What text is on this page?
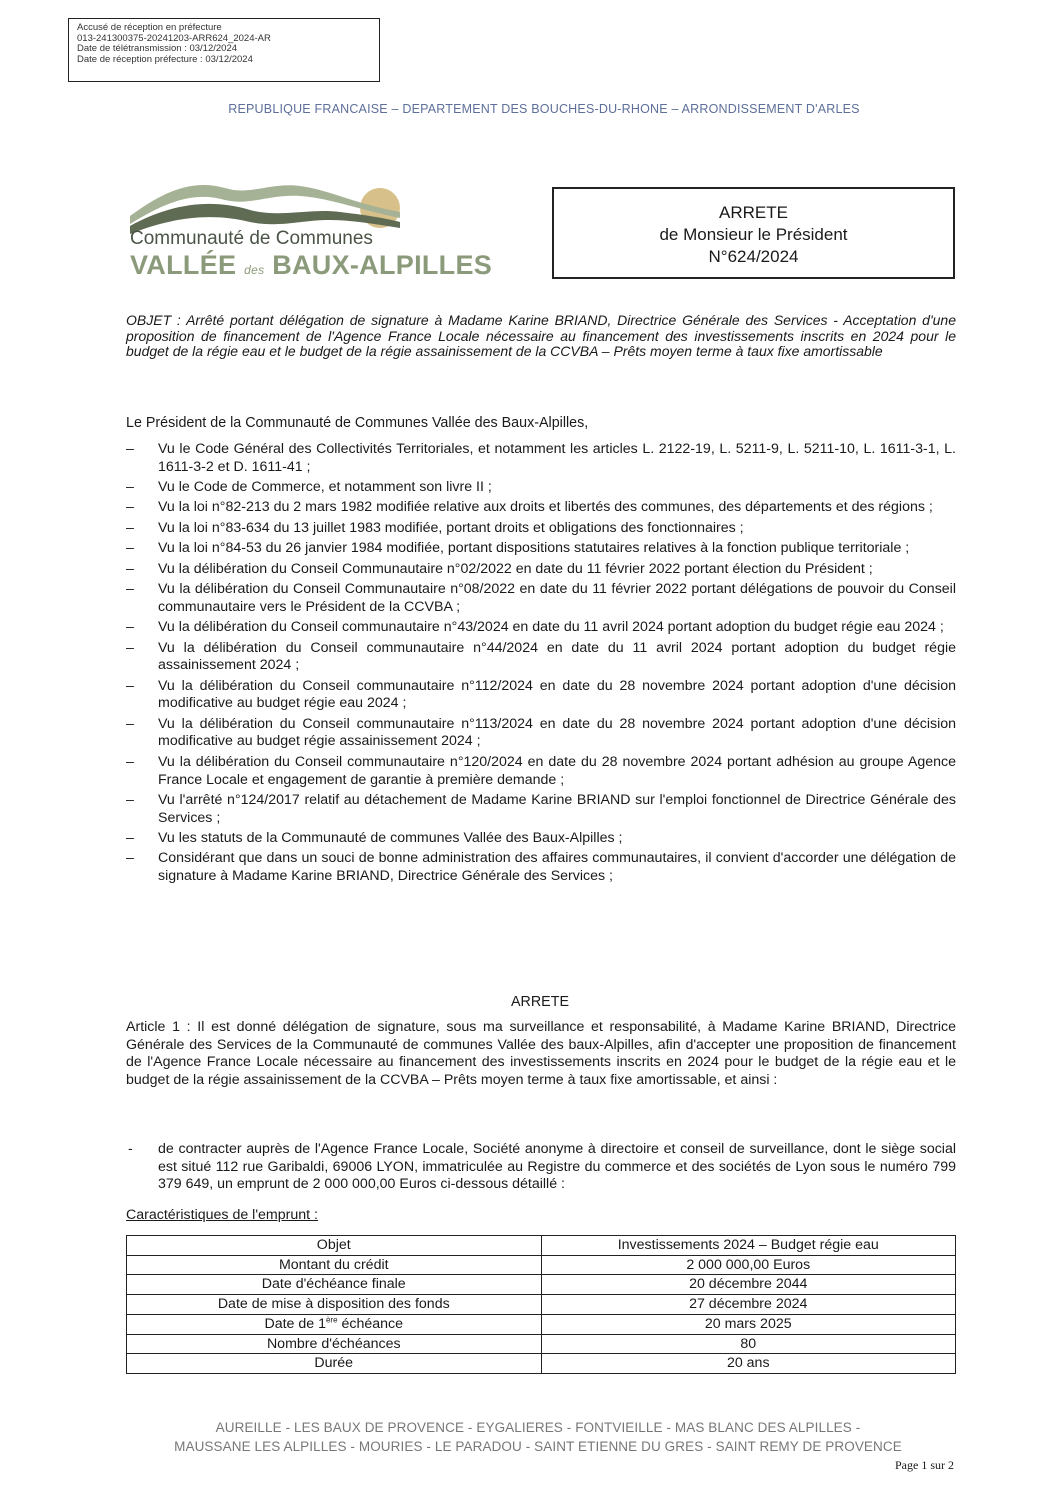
Accusé de réception en préfecture
013-241300375-20241203-ARR624_2024-AR
Date de télétransmission : 03/12/2024
Date de réception préfecture : 03/12/2024
REPUBLIQUE FRANCAISE – DEPARTEMENT DES BOUCHES-DU-RHONE – ARRONDISSEMENT D'ARLES
Communauté de Communes
VALLÉE des BAUX-ALPILLES
ARRETE
de Monsieur le Président
N°624/2024
OBJET : Arrêté portant délégation de signature à Madame Karine BRIAND, Directrice Générale des Services - Acceptation d'une proposition de financement de l'Agence France Locale nécessaire au financement des investissements inscrits en 2024 pour le budget de la régie eau et le budget de la régie assainissement de la CCVBA – Prêts moyen terme à taux fixe amortissable
Le Président de la Communauté de Communes Vallée des Baux-Alpilles,
– Vu le Code Général des Collectivités Territoriales, et notamment les articles L. 2122-19, L. 5211-9, L. 5211-10, L. 1611-3-1, L. 1611-3-2 et D. 1611-41 ;
– Vu le Code de Commerce, et notamment son livre II ;
– Vu la loi n°82-213 du 2 mars 1982 modifiée relative aux droits et libertés des communes, des départements et des régions ;
– Vu la loi n°83-634 du 13 juillet 1983 modifiée, portant droits et obligations des fonctionnaires ;
– Vu la loi n°84-53 du 26 janvier 1984 modifiée, portant dispositions statutaires relatives à la fonction publique territoriale ;
– Vu la délibération du Conseil Communautaire n°02/2022 en date du 11 février 2022 portant élection du Président ;
– Vu la délibération du Conseil Communautaire n°08/2022 en date du 11 février 2022 portant délégations de pouvoir du Conseil communautaire vers le Président de la CCVBA ;
– Vu la délibération du Conseil communautaire n°43/2024 en date du 11 avril 2024 portant adoption du budget régie eau 2024 ;
– Vu la délibération du Conseil communautaire n°44/2024 en date du 11 avril 2024 portant adoption du budget régie assainissement 2024 ;
– Vu la délibération du Conseil communautaire n°112/2024 en date du 28 novembre 2024 portant adoption d'une décision modificative au budget régie eau 2024 ;
– Vu la délibération du Conseil communautaire n°113/2024 en date du 28 novembre 2024 portant adoption d'une décision modificative au budget régie assainissement 2024 ;
– Vu la délibération du Conseil communautaire n°120/2024 en date du 28 novembre 2024 portant adhésion au groupe Agence France Locale et engagement de garantie à première demande ;
– Vu l'arrêté n°124/2017 relatif au détachement de Madame Karine BRIAND sur l'emploi fonctionnel de Directrice Générale des Services ;
– Vu les statuts de la Communauté de communes Vallée des Baux-Alpilles ;
– Considérant que dans un souci de bonne administration des affaires communautaires, il convient d'accorder une délégation de signature à Madame Karine BRIAND, Directrice Générale des Services ;
ARRETE
Article 1 : Il est donné délégation de signature, sous ma surveillance et responsabilité, à Madame Karine BRIAND, Directrice Générale des Services de la Communauté de communes Vallée des baux-Alpilles, afin d'accepter une proposition de financement de l'Agence France Locale nécessaire au financement des investissements inscrits en 2024 pour le budget de la régie eau et le budget de la régie assainissement de la CCVBA – Prêts moyen terme à taux fixe amortissable, et ainsi :
- de contracter auprès de l'Agence France Locale, Société anonyme à directoire et conseil de surveillance, dont le siège social est situé 112 rue Garibaldi, 69006 LYON, immatriculée au Registre du commerce et des sociétés de Lyon sous le numéro 799 379 649, un emprunt de 2 000 000,00 Euros ci-dessous détaillé :
Caractéristiques de l'emprunt :
Objet	Investissements 2024 – Budget régie eau
Montant du crédit	2 000 000,00 Euros
Date d'échéance finale	20 décembre 2044
Date de mise à disposition des fonds	27 décembre 2024
Date de 1ère échéance	20 mars 2025
Nombre d'échéances	80
Durée	20 ans
AUREILLE - LES BAUX DE PROVENCE - EYGALIERES - FONTVIEILLE - MAS BLANC DES ALPILLES -
MAUSSANE LES ALPILLES - MOURIES - LE PARADOU - SAINT ETIENNE DU GRES - SAINT REMY DE PROVENCE
Page 1 sur 2
